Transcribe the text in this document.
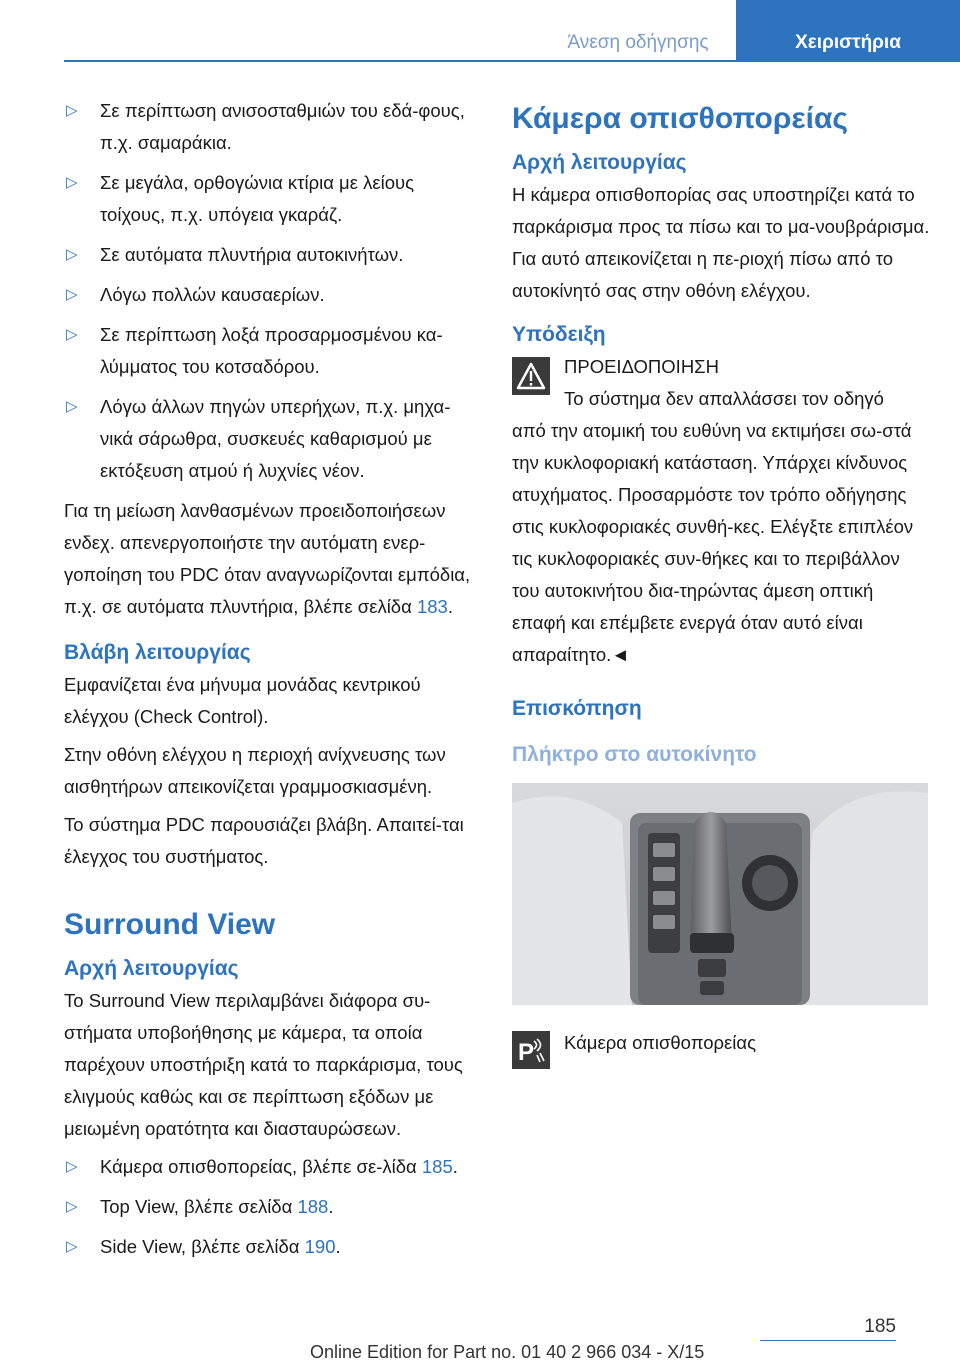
Άνεση οδήγησης	Χειριστήρια
▷ Σε περίπτωση ανισοσταθμιών του εδά-φους, π.χ. σαμαράκια.
▷ Σε μεγάλα, ορθογώνια κτίρια με λείους τοίχους, π.χ. υπόγεια γκαράζ.
▷ Σε αυτόματα πλυντήρια αυτοκινήτων.
▷ Λόγω πολλών καυσαερίων.
▷ Σε περίπτωση λοξά προσαρμοσμένου κα-λύμματος του κοτσαδόρου.
▷ Λόγω άλλων πηγών υπερήχων, π.χ. μηχα-νικά σάρωθρα, συσκευές καθαρισμού με εκτόξευση ατμού ή λυχνίες νέον.

Για τη μείωση λανθασμένων προειδοποιήσεων ενδεχ. απενεργοποιήστε την αυτόματη ενερ-γοποίηση του PDC όταν αναγνωρίζονται εμπόδια, π.χ. σε αυτόματα πλυντήρια, βλέπε σελίδα 183.

Βλάβη λειτουργίας

Εμφανίζεται ένα μήνυμα μονάδας κεντρικού ελέγχου (Check Control).

Στην οθόνη ελέγχου η περιοχή ανίχνευσης των αισθητήρων απεικονίζεται γραμμοσκιασμένη.

Το σύστημα PDC παρουσιάζει βλάβη. Απαιτεί-ται έλεγχος του συστήματος.

Surround View
Αρχή λειτουργίας

Το Surround View περιλαμβάνει διάφορα συ-στήματα υποβοήθησης με κάμερα, τα οποία παρέχουν υποστήριξη κατά το παρκάρισμα, τους ελιγμούς καθώς και σε περίπτωση εξόδων με μειωμένη ορατότητα και διασταυρώσεων.

▷ Κάμερα οπισθοπορείας, βλέπε σε-λίδα 185.
▷ Top View, βλέπε σελίδα 188.
▷ Side View, βλέπε σελίδα 190.
Κάμερα οπισθοπορείας
Αρχή λειτουργίας

Η κάμερα οπισθοπορίας σας υποστηρίζει κατά το παρκάρισμα προς τα πίσω και το μα-νουβράρισμα. Για αυτό απεικονίζεται η πε-ριοχή πίσω από το αυτοκίνητό σας στην οθόνη ελέγχου.

Υπόδειξη

ΠΡΟΕΙΔΟΠΟΙΗΣΗ

Το σύστημα δεν απαλλάσσει τον οδηγό

από την ατομική του ευθύνη να εκτιμήσει σω-στά την κυκλοφοριακή κατάσταση. Υπάρχει κίνδυνος ατυχήματος. Προσαρμόστε τον τρόπο οδήγησης στις κυκλοφοριακές συνθή-κες. Ελέγξτε επιπλέον τις κυκλοφοριακές συν-θήκες και το περιβάλλον του αυτοκινήτου δια-τηρώντας άμεση οπτική επαφή και επέμβετε ενεργά όταν αυτό είναι απαραίτητο.◄

Επισκόπηση
Πλήκτρο στο αυτοκίνητο
P	Κάμερα οπισθοπορείας
185
Online Edition for Part no. 01 40 2 966 034 - X/15
